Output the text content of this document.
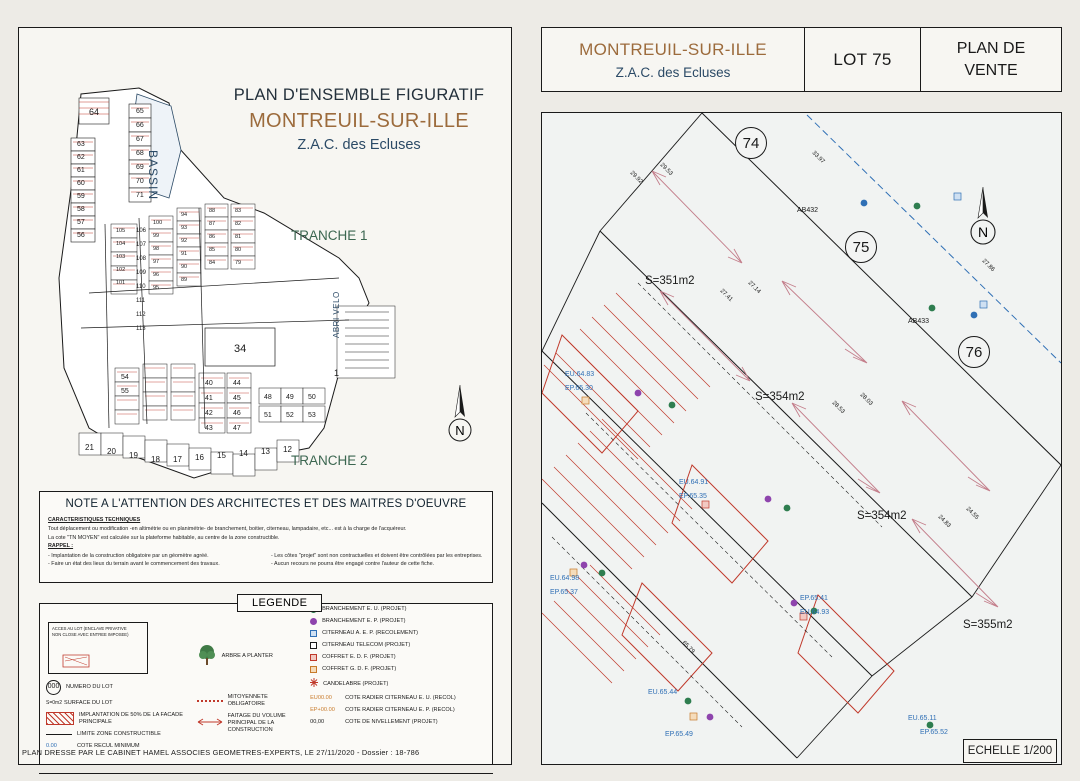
PLAN D'ENSEMBLE FIGURATIF
MONTREUIL-SUR-ILLE
Z.A.C. des Ecluses
TRANCHE 1
TRANCHE 2
BASSIN
ABRI VELO
64	65
66
67
68
69
70
71
63
62
61
60
59
58
57
56
105
104
103
102
101
100
99
98
97
96
95
94
93
92
91
90
89
88
87
86
85
84
83
82
81
80
79
106
107
108
109
110
111
112
113
34
1
21 20 19 18 17 16 15 14 13 12
40
41
42
43
44
45
46
47
48 49 50
51 52 53
54
55
N
NOTE A L'ATTENTION DES ARCHITECTES ET DES MAITRES D'OEUVRE
CARACTERISTIQUES TECHNIQUES
Tout déplacement ou modification -en altimétrie ou en planimétrie- de branchement, boitier, citerneau, lampadaire, etc... est à la charge de l'acquéreur.
La cote "TN MOYEN" est calculée sur la plateforme habitable, au centre de la zone constructible.
RAPPEL :
- Implantation de la construction obligatoire par un géomètre agréé.
- Faire un état des lieux du terrain avant le commencement des travaux.
- Les côtes "projet" sont non contractuelles et doivent être contrôlées par les entreprises.
- Aucun recours ne pourra être engagé contre l'auteur de cette fiche.
LEGENDE
ACCES AU LOT (ENCLAVE PRIVATIVE
NON CLOSE AVEC ENTREE IMPOSEE)
000 NUMERO DU LOT
S=0m2 SURFACE DU LOT
IMPLANTATION DE 50% DE LA FACADE PRINCIPALE
LIMITE ZONE CONSTRUCTIBLE
0.00	COTE RECUL MINIMUM
ARBRE A PLANTER
MITOYENNETE OBLIGATOIRE
FAITAGE DU VOLUME PRINCIPAL DE LA CONSTRUCTION
BRANCHEMENT E. U. (PROJET)
BRANCHEMENT E. P. (PROJET)
CITERNEAU A. E. P. (RECOLEMENT)
CITERNEAU TELECOM (PROJET)
COFFRET E. D. F. (PROJET)
COFFRET G. D. F. (PROJET)
CANDELABRE (PROJET)
EU00.00	COTE RADIER CITERNEAU E. U. (RECOL)
EP+00.00	COTE RADIER CITERNEAU E. P. (RECOL)
00,00	COTE DE NIVELLEMENT (PROJET)
PLAN DRESSE PAR LE CABINET HAMEL ASSOCIES GEOMETRES-EXPERTS, LE 27/11/2020 - Dossier : 18-786
MONTREUIL-SUR-ILLE
Z.A.C. des Ecluses
LOT 75
PLAN DE
VENTE
29.92
29.53
27.41
27.14
28.53
28.03
24.83
24.55
33.97
27.86
65.79
N
74
75
76
S=351m2
S=354m2
S=354m2
S=355m2
AB432
AB433
EU.64.83
EP.65.30
EU.64.91
EP.65.35
EU.64.98
EP.65.37
EP.65.41
EU.64.93
EU.65.44
EP.65.49
EU.65.11
EP.65.52
ECHELLE 1/200
